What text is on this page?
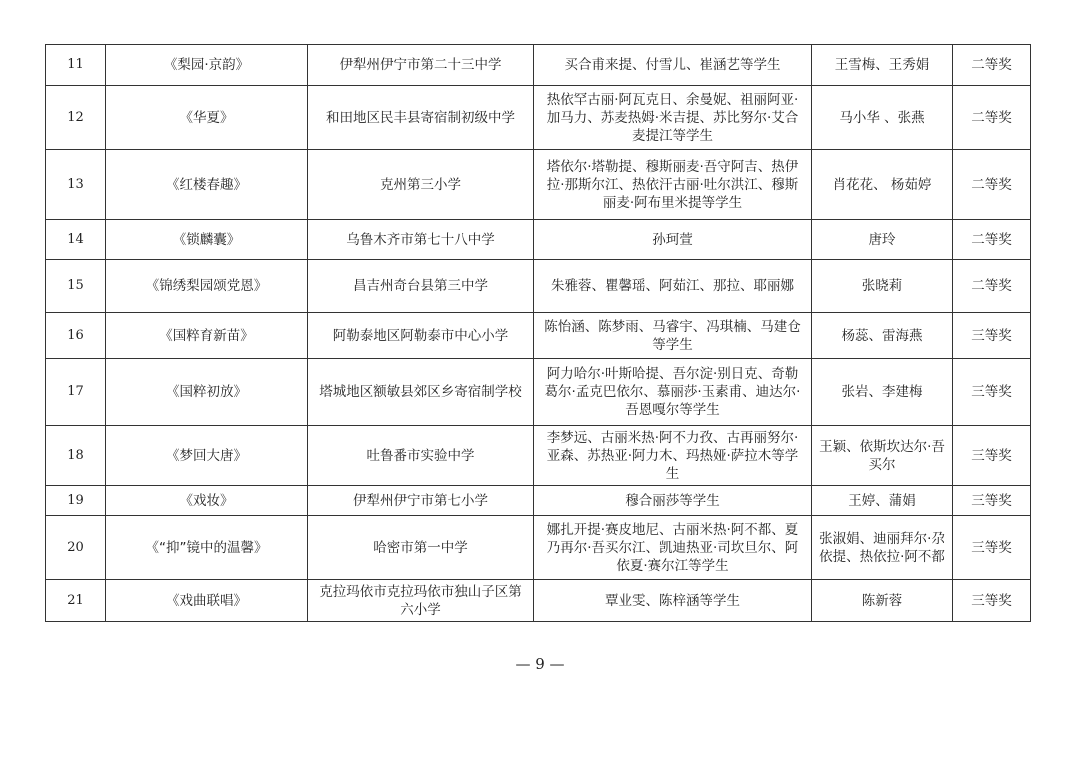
11	《梨园·京韵》	伊犁州伊宁市第二十三中学	买合甫来提、付雪儿、崔涵艺等学生	王雪梅、王秀娟	二等奖
12	《华夏》	和田地区民丰县寄宿制初级中学	热依罕古丽·阿瓦克日、余曼妮、祖丽阿亚·加马力、苏麦热姆·米吉提、苏比努尔·艾合麦提江等学生	马小华 、张燕	二等奖
13	《红楼春趣》	克州第三小学	塔依尔·塔勒提、穆斯丽麦·吾守阿吉、热伊拉·那斯尔江、热依汗古丽·吐尔洪江、穆斯丽麦·阿布里米提等学生	肖花花、 杨茹婷	二等奖
14	《锁麟囊》	乌鲁木齐市第七十八中学	孙珂萱	唐玲	二等奖
15	《锦绣梨园颂党恩》	昌吉州奇台县第三中学	朱雅蓉、瞿馨瑶、阿茹江、那拉、耶丽娜	张晓莉	二等奖
16	《国粹育新苗》	阿勒泰地区阿勒泰市中心小学	陈怡涵、陈梦雨、马睿宇、冯琪楠、马建仓等学生	杨蕊、雷海燕	三等奖
17	《国粹初放》	塔城地区额敏县郊区乡寄宿制学校	阿力哈尔·叶斯哈提、吾尔淀·别日克、奇勒葛尔·孟克巴依尔、慕丽莎·玉素甫、迪达尔·吾恩嘎尔等学生	张岩、李建梅	三等奖
18	《梦回大唐》	吐鲁番市实验中学	李梦远、古丽米热·阿不力孜、古再丽努尔·亚森、苏热亚·阿力木、玛热娅·萨拉木等学生	王颖、依斯坎达尔·吾买尔	三等奖
19	《戏妆》	伊犁州伊宁市第七小学	穆合丽莎等学生	王婷、蒲娟	三等奖
20	《“抑”镜中的温馨》	哈密市第一中学	娜扎开提·赛皮地尼、古丽米热·阿不都、夏乃再尔·吾买尔江、凯迪热亚·司坎旦尔、阿依夏·赛尔江等学生	张淑娟、迪丽拜尔·尕依提、热依拉·阿不都	三等奖
21	《戏曲联唱》	克拉玛依市克拉玛依市独山子区第六小学	覃业雯、陈梓涵等学生	陈新蓉	三等奖
— 9 —
